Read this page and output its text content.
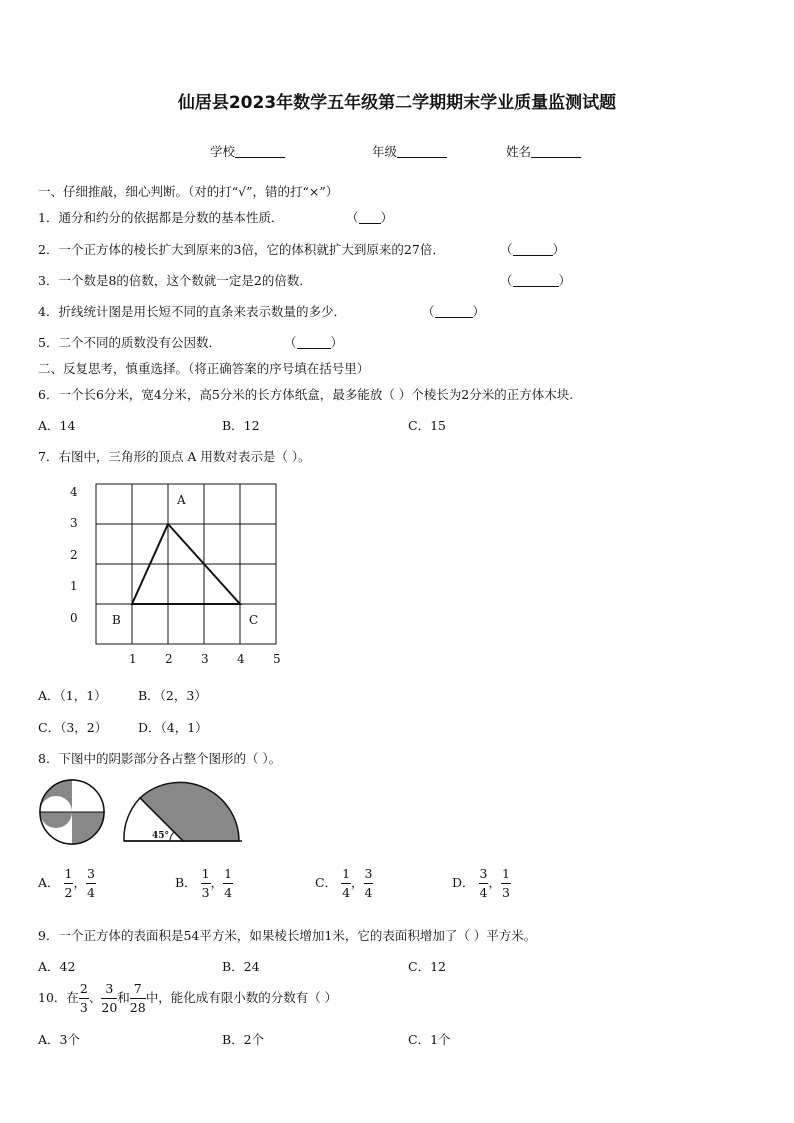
仙居县2023年数学五年级第二学期期末学业质量监测试题
学校	年级	姓名
一、仔细推敲，细心判断。（对的打“√”，错的打“×”）
1．通分和约分的依据都是分数的基本性质．	（ ）
2．一个正方体的棱长扩大到原来的3倍，它的体积就扩大到原来的27倍．	（	）
3．一个数是8的倍数，这个数就一定是2的倍数．	（	）
4．折线统计图是用长短不同的直条来表示数量的多少．	（	）
5．二个不同的质数没有公因数．	（	）
二、反复思考，慎重选择。（将正确答案的序号填在括号里）
6．一个长6分米，宽4分米，高5分米的长方体纸盒，最多能放（ ）个棱长为2分米的正方体木块.
A．14	B．12	C．15
7．右图中，三角形的顶点 A 用数对表示是（ ）。
4
3
2
1
0
1 2 3 4 5
A
B	C
A．（1，1）	B．（2，3）
C．（3，2） D．（4，1）
8．下图中的阴影部分各占整个图形的（ ）。
45°
A． $\frac{1}{2}$ ， $\frac{3}{4}$	B． $\frac{1}{3}$ ， $\frac{1}{4}$	C． $\frac{1}{4}$ ， $\frac{3}{4}$	D． $\frac{3}{4}$ ， $\frac{1}{3}$
9．一个正方体的表面积是54平方米，如果棱长增加1米，它的表面积增加了（ ）平方米。
A．42	B．24	C．12
10．在 $\frac{2}{3}$ 、 $\frac{3}{20}$ 和 $\frac{7}{28}$ 中，能化成有限小数的分数有（ ）
A．3个	B．2个	C．1个
